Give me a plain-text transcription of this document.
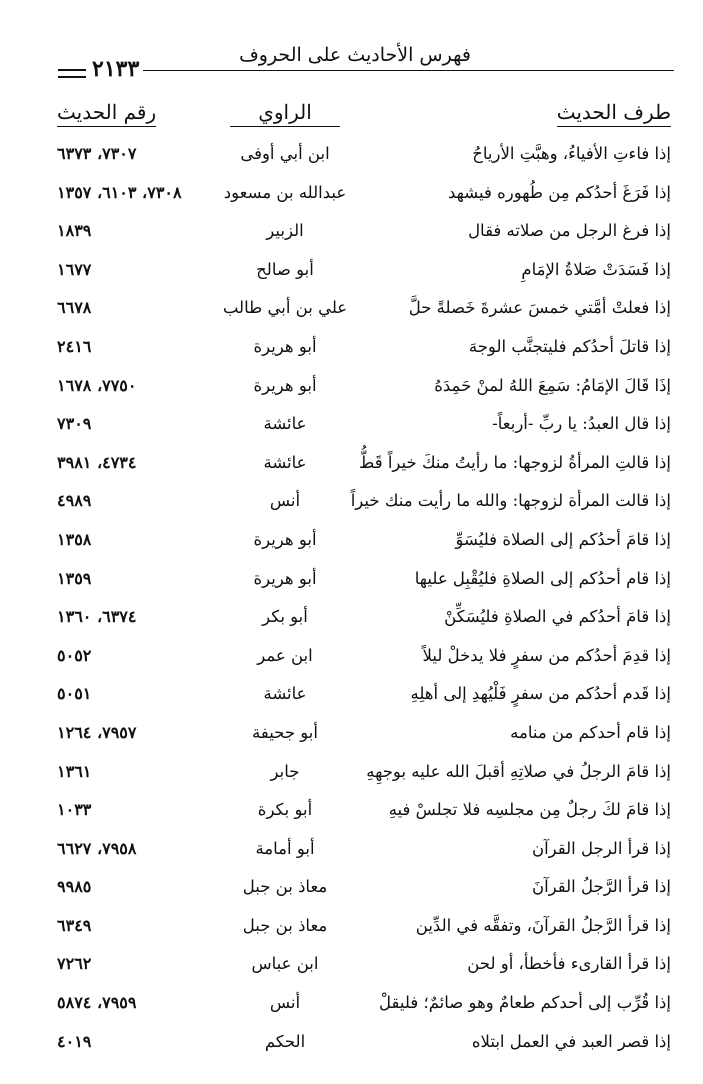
فهرس الأحاديث على الحروف
٢١٣٣
طرف الحديث
الراوي
رقم الحديث
إذا فاءتِ الأفياءُ، وهبَّتِ الأرياحُ
ابن أبي أوفى
٧٣٠٧، ٦٣٧٣
إذا فَرَغَ أحدُكم مِن طُهوره فيشهد
عبدالله بن مسعود
٧٣٠٨، ٦١٠٣، ١٣٥٧
إذا فرغ الرجل من صلاته فقال
الزبير
١٨٣٩
إذا فَسَدَتْ صَلاةُ الإمَامِ
أبو صالح
١٦٧٧
إذا فعلتْ أمَّتي خمسَ عشرةَ خَصلةً حلَّ
علي بن أبي طالب
٦٦٧٨
إذا قاتلَ أحدُكم فليتجنَّب الوجهَ
أبو هريرة
٢٤١٦
إذَا قَالَ الإمَامُ: سَمِعَ اللهُ لمنْ حَمِدَهُ
أبو هريرة
٧٧٥٠، ١٦٧٨
إذا قال العبدُ: يا ربِّ -أربعاً-
عائشة
٧٣٠٩
إذا قالتِ المرأةُ لزوجها: ما رأيتُ منكَ خيراً قَطُّ
عائشة
٤٧٣٤، ٣٩٨١
إذا قالت المرأة لزوجها: والله ما رأيت منك خيراً
أنس
٤٩٨٩
إذا قامَ أحدُكم إلى الصلاة فليُسَوِّ
أبو هريرة
١٣٥٨
إذا قام أحدُكم إلى الصلاةِ فليُقْبِل عليها
أبو هريرة
١٣٥٩
إذا قامَ أحدُكم في الصلاةِ فليُسَكِّنْ
أبو بكر
٦٣٧٤، ١٣٦٠
إذا قدِمَ أحدُكم من سفرٍ فلا يدخلْ ليلاً
ابن عمر
٥٠٥٢
إذا قَدم أحدُكم من سفرٍ فَلْيُهدِ إلى أهلِهِ
عائشة
٥٠٥١
إذا قام أحدكم من منامه
أبو جحيفة
٧٩٥٧، ١٢٦٤
إذا قامَ الرجلُ في صلاتِهِ أقبلَ الله عليه بوجهِهِ
جابر
١٣٦١
إذا قامَ لكَ رجلٌ مِن مجلسِه فلا تجلسْ فيهِ
أبو بكرة
١٠٣٣
إذا قرأ الرجل القرآن
أبو أمامة
٧٩٥٨، ٦٦٢٧
إذا قرأ الرَّجلُ القرآنَ
معاذ بن جبل
٩٩٨٥
إذا قرأ الرَّجلُ القرآنَ، وتفقَّه في الدِّين
معاذ بن جبل
٦٣٤٩
إذا قرأ القارىء فأخطأ، أو لحن
ابن عباس
٧٢٦٢
إذا قُرِّب إلى أحدكم طعامٌ وهو صائمٌ؛ فليقلْ
أنس
٧٩٥٩، ٥٨٧٤
إذا قصر العبد في العمل ابتلاه
الحكم
٤٠١٩
